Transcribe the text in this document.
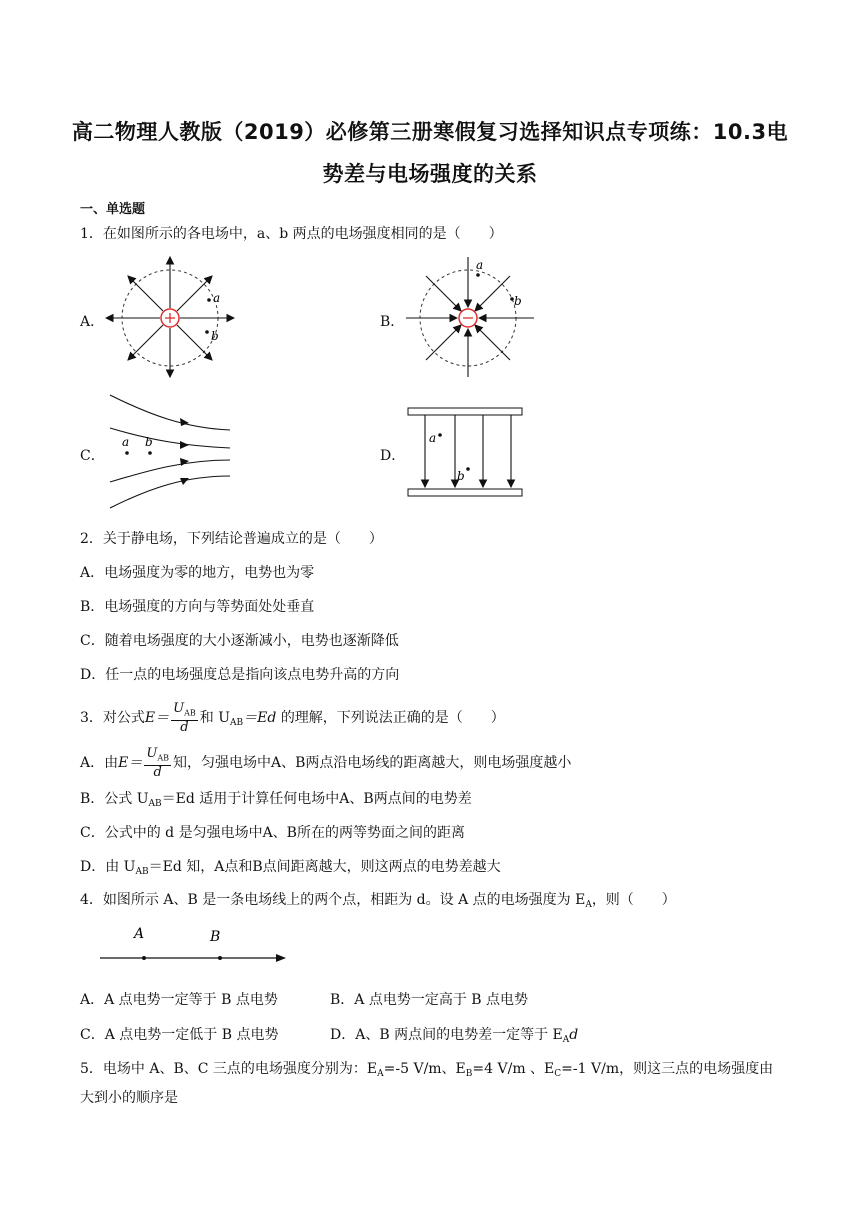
高二物理人教版（2019）必修第三册寒假复习选择知识点专项练：10.3电
势差与电场强度的关系
一、单选题
1．在如图所示的各电场中，a、b 两点的电场强度相同的是（　　）
A．
a
b
B．
a
b
C．
a b
D．
a
b
2．关于静电场，下列结论普遍成立的是（　　）
A．电场强度为零的地方，电势也为零
B．电场强度的方向与等势面处处垂直
C．随着电场强度的大小逐渐减小，电势也逐渐降低
D．任一点的电场强度总是指向该点电势升高的方向
3．对公式$E= \frac{U_{AB}}{d}$ 和 $U_{AB}=Ed$ 的理解，下列说法正确的是（　　）
A．由$E= \frac{U_{AB}}{d}$ 知，匀强电场中A、B两点沿电场线的距离越大，则电场强度越小
B．公式 $U_{AB}=Ed$ 适用于计算任何电场中A、B两点间的电势差
C．公式中的 d 是匀强电场中A、B所在的两等势面之间的距离
D．由 $U_{AB}=Ed$ 知，A点和B点间距离越大，则这两点的电势差越大
4．如图所示 A、B 是一条电场线上的两个点，相距为 d。设 A 点的电场强度为 $E_A$，则（　　）
A	B
A．A 点电势一定等于 B 点电势	B．A 点电势一定高于 B 点电势
C．A 点电势一定低于 B 点电势	D．A、B 两点间的电势差一定等于 $E_Ad$
5．电场中 A、B、C 三点的电场强度分别为：$E_A=-5$ V/m、$E_B=4$ V/m 、$E_C=-1$ V/m，则这三点的电场强度由
大到小的顺序是
